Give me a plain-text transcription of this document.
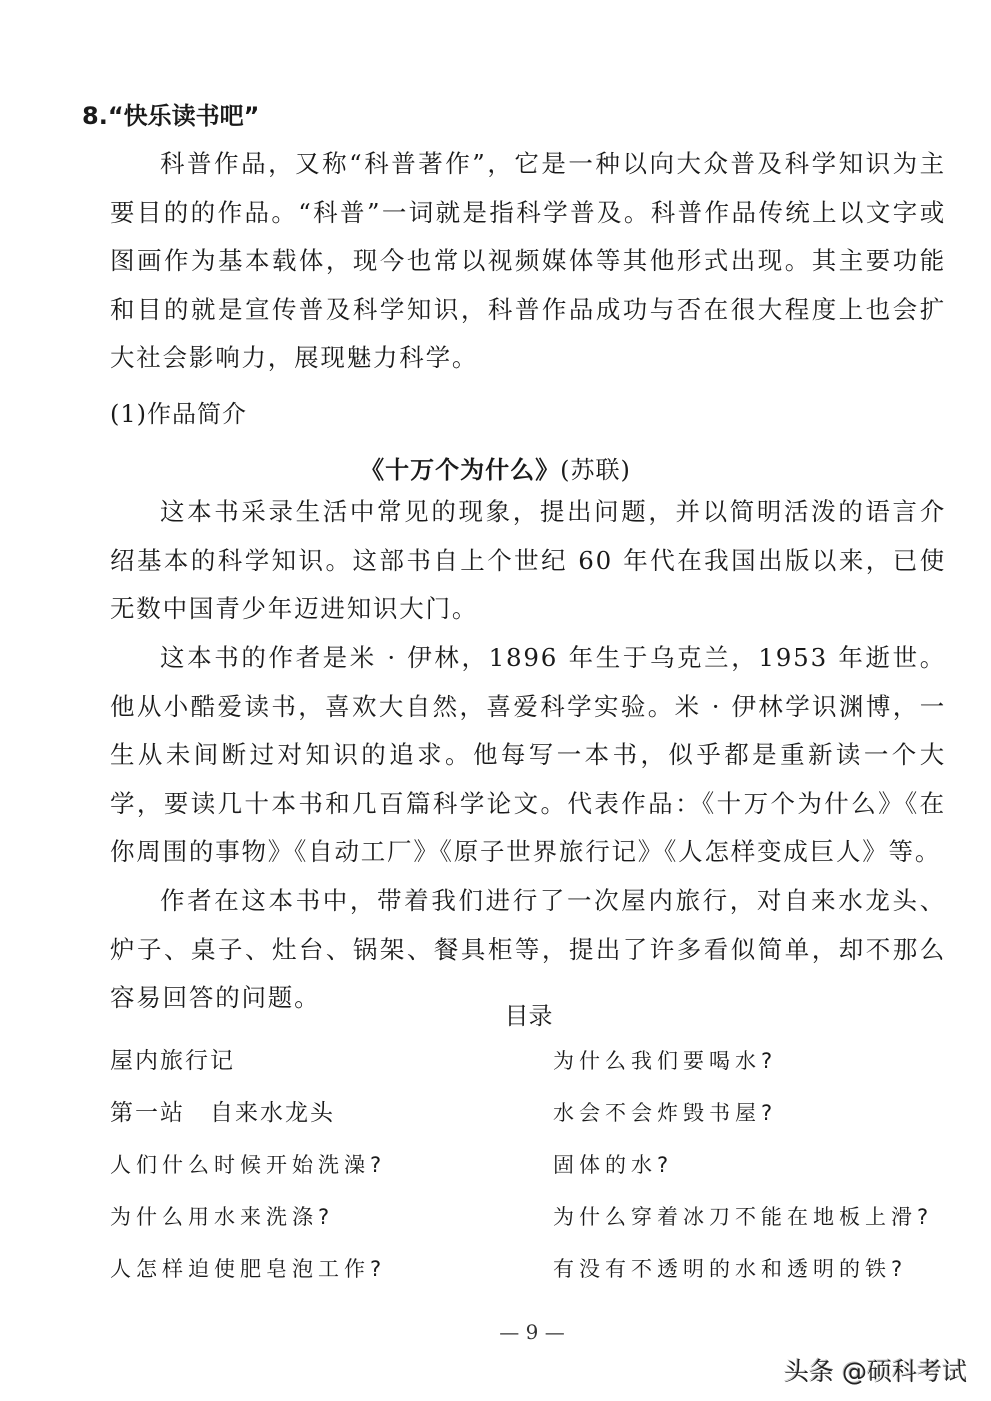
8.“快乐读书吧”
科普作品，又称“科普著作”，它是一种以向大众普及科学知识为主要目的的作品。“科普”一词就是指科学普及。科普作品传统上以文字或图画作为基本载体，现今也常以视频媒体等其他形式出现。其主要功能和目的就是宣传普及科学知识，科普作品成功与否在很大程度上也会扩大社会影响力，展现魅力科学。
(1)作品简介
《十万个为什么》(苏联)
这本书采录生活中常见的现象，提出问题，并以简明活泼的语言介绍基本的科学知识。这部书自上个世纪 60 年代在我国出版以来，已使无数中国青少年迈进知识大门。
这本书的作者是米 · 伊林，1896 年生于乌克兰，1953 年逝世。他从小酷爱读书，喜欢大自然，喜爱科学实验。米 · 伊林学识渊博，一生从未间断过对知识的追求。他每写一本书，似乎都是重新读一个大学，要读几十本书和几百篇科学论文。代表作品：《十万个为什么》《在你周围的事物》《自动工厂》《原子世界旅行记》《人怎样变成巨人》等。
作者在这本书中，带着我们进行了一次屋内旅行，对自来水龙头、炉子、桌子、灶台、锅架、餐具柜等，提出了许多看似简单，却不那么容易回答的问题。
目录
屋内旅行记
第一站　自来水龙头
人们什么时候开始洗澡?
为什么用水来洗涤?
人怎样迫使肥皂泡工作?
为什么我们要喝水?
水会不会炸毁书屋?
固体的水?
为什么穿着冰刀不能在地板上滑?
有没有不透明的水和透明的铁?
— 9 —
头条 @硕科考试
